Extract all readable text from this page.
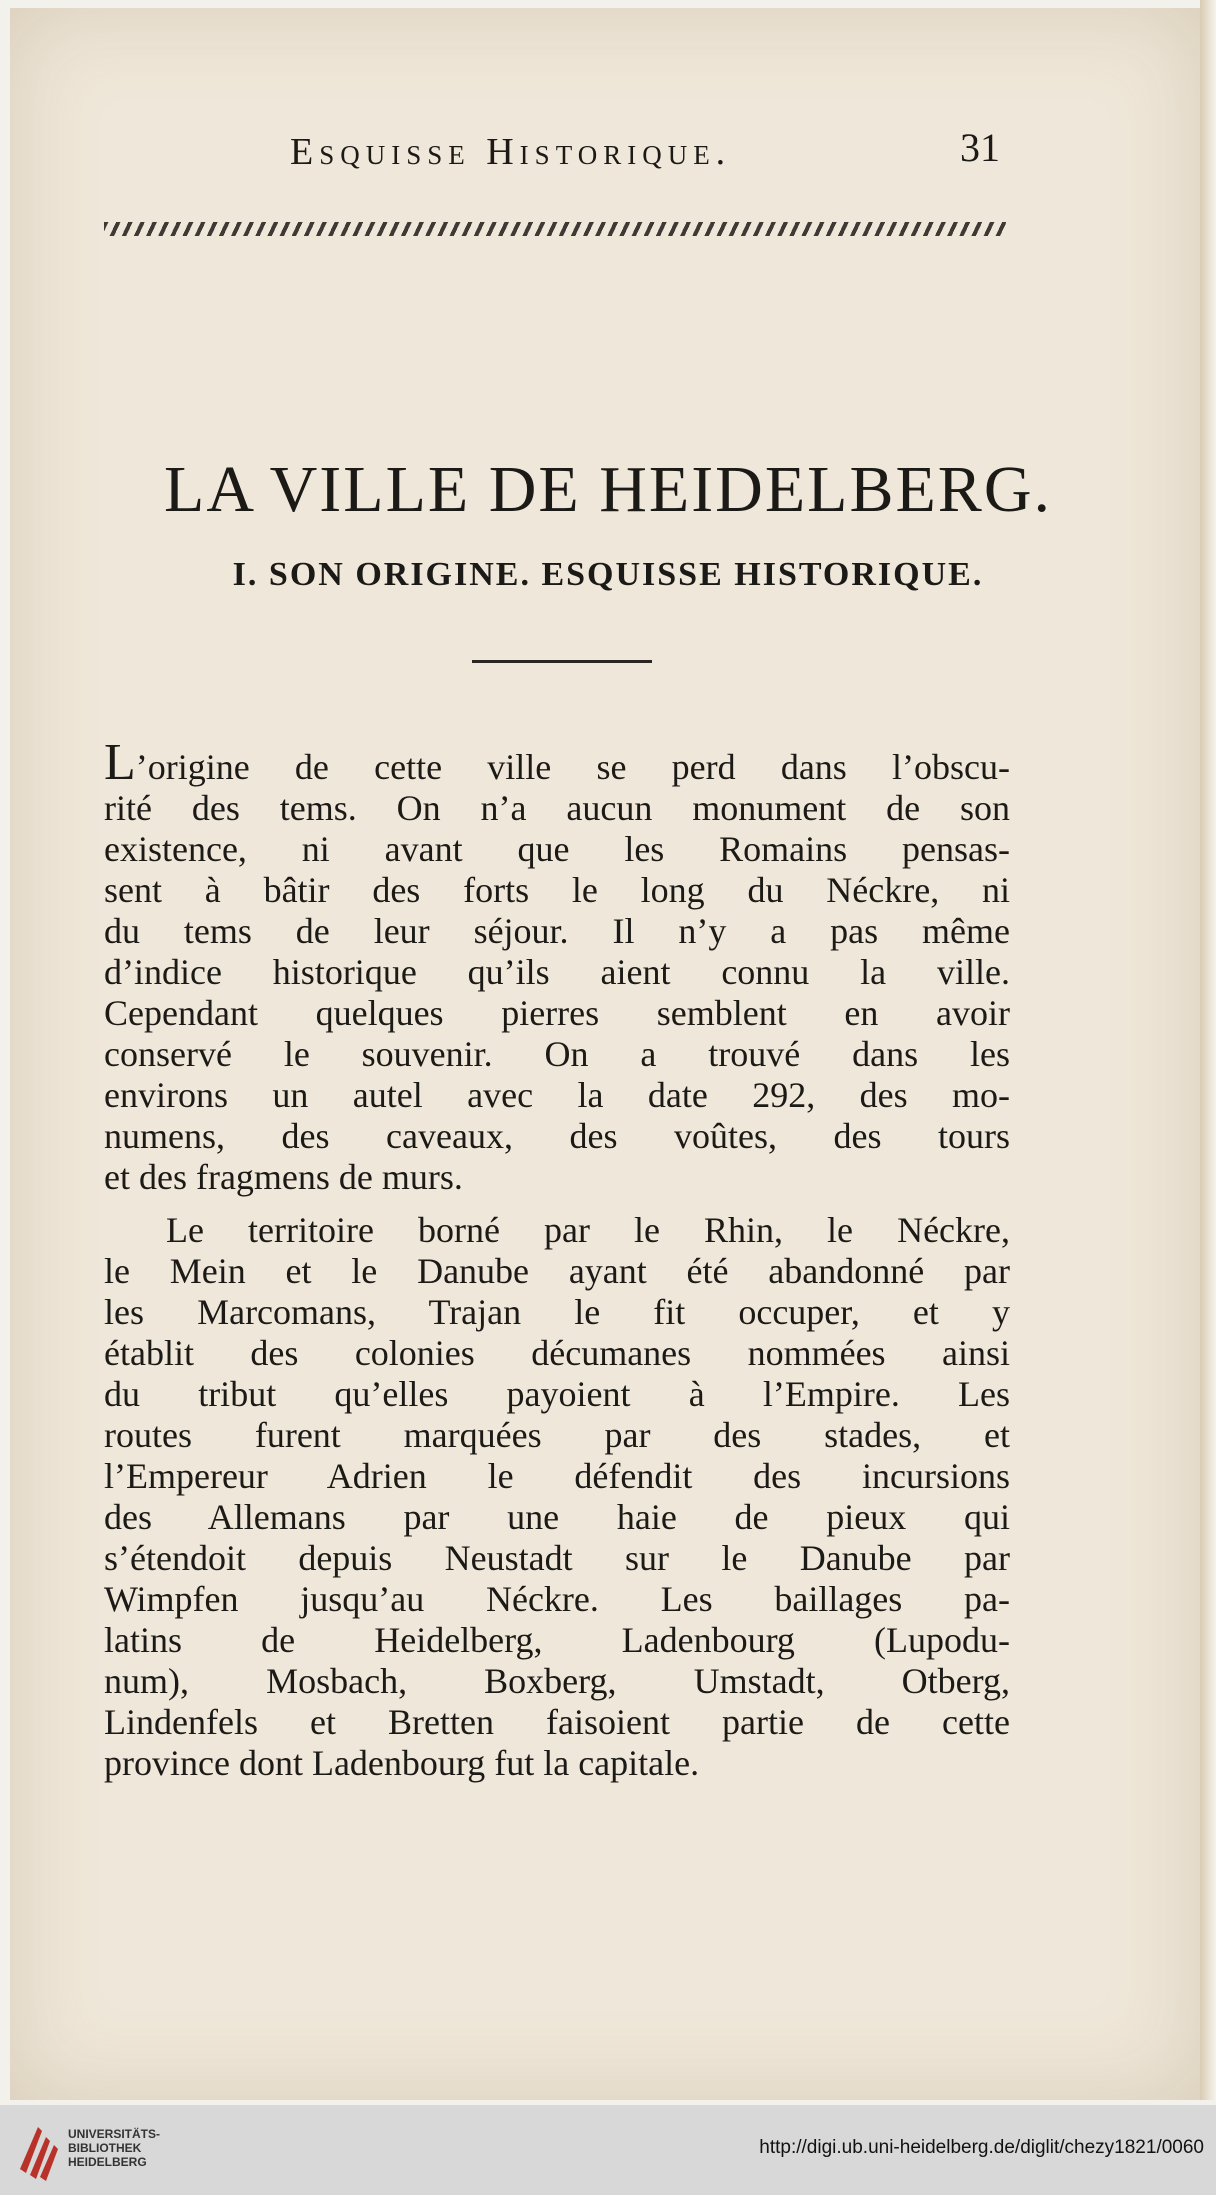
Esquisse Historique.	31
LA VILLE DE HEIDELBERG.
I. SON ORIGINE. ESQUISSE HISTORIQUE.
L’origine de cette ville se perd dans l’obscu-
rité des tems. On n’a aucun monument de son
existence, ni avant que les Romains pensas-
sent à bâtir des forts le long du Néckre, ni
du tems de leur séjour. Il n’y a pas même
d’indice historique qu’ils aient connu la ville.
Cependant quelques pierres semblent en avoir
conservé le souvenir. On a trouvé dans les
environs un autel avec la date 292, des mo-
numens, des caveaux, des voûtes, des tours
et des fragmens de murs.
Le territoire borné par le Rhin, le Néckre,
le Mein et le Danube ayant été abandonné par
les Marcomans, Trajan le fit occuper, et y
établit des colonies décumanes nommées ainsi
du tribut qu’elles payoient à l’Empire. Les
routes furent marquées par des stades, et
l’Empereur Adrien le défendit des incursions
des Allemans par une haie de pieux qui
s’étendoit depuis Neustadt sur le Danube par
Wimpfen jusqu’au Néckre. Les baillages pa-
latins de Heidelberg, Ladenbourg (Lupodu-
num), Mosbach, Boxberg, Umstadt, Otberg,
Lindenfels et Bretten faisoient partie de cette
province dont Ladenbourg fut la capitale.
UNIVERSITÄTS-
BIBLIOTHEK
HEIDELBERG
http://digi.ub.uni-heidelberg.de/diglit/chezy1821/0060
